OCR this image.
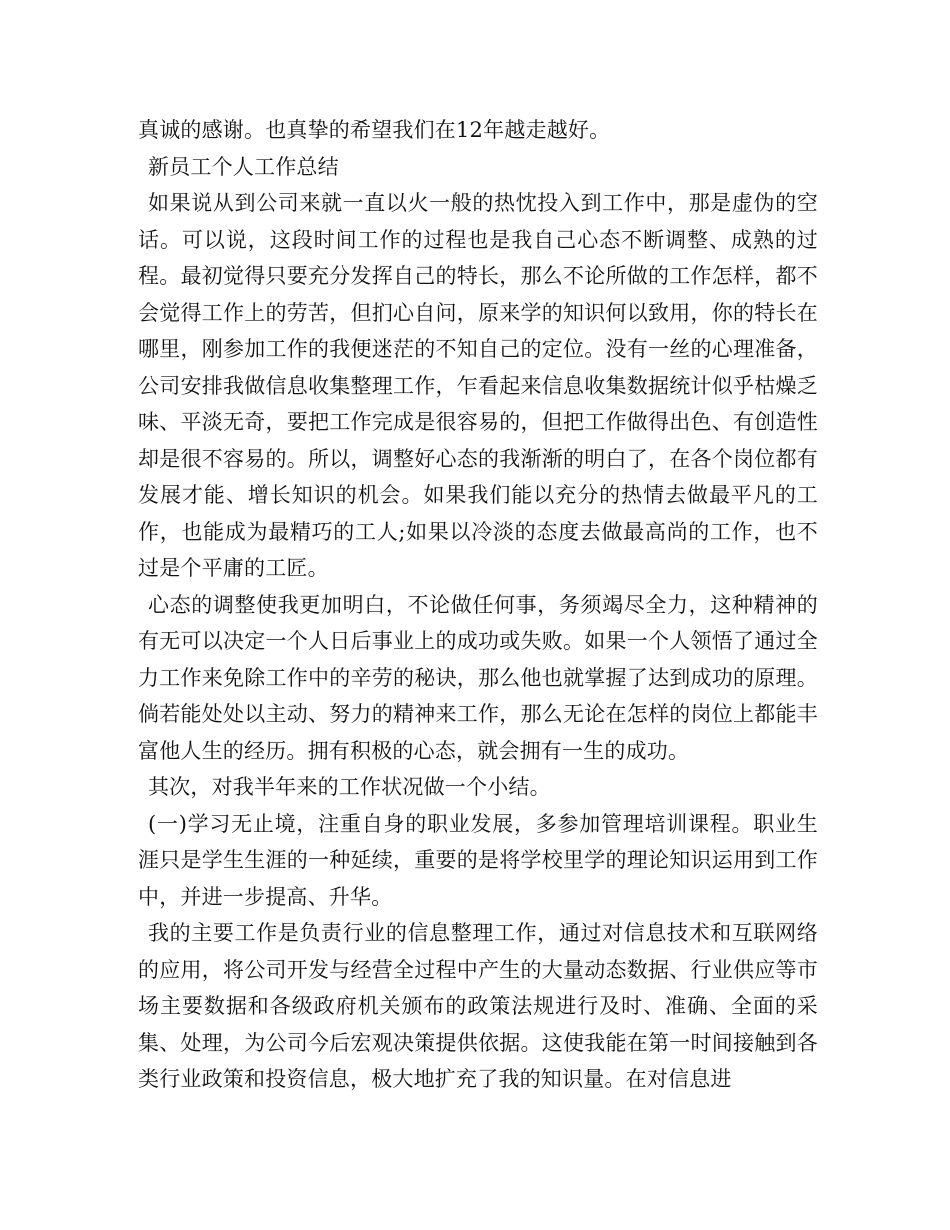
真诚的感谢。也真挚的希望我们在12年越走越好。

新员工个人工作总结

如果说从到公司来就一直以火一般的热忱投入到工作中，那是虚伪的空话。可以说，这段时间工作的过程也是我自己心态不断调整、成熟的过程。最初觉得只要充分发挥自己的特长，那么不论所做的工作怎样，都不会觉得工作上的劳苦，但扪心自问，原来学的知识何以致用，你的特长在哪里，刚参加工作的我便迷茫的不知自己的定位。没有一丝的心理准备，公司安排我做信息收集整理工作，乍看起来信息收集数据统计似乎枯燥乏味、平淡无奇，要把工作完成是很容易的，但把工作做得出色、有创造性却是很不容易的。所以，调整好心态的我渐渐的明白了，在各个岗位都有发展才能、增长知识的机会。如果我们能以充分的热情去做最平凡的工作，也能成为最精巧的工人;如果以冷淡的态度去做最高尚的工作，也不过是个平庸的工匠。

心态的调整使我更加明白，不论做任何事，务须竭尽全力，这种精神的有无可以决定一个人日后事业上的成功或失败。如果一个人领悟了通过全力工作来免除工作中的辛劳的秘诀，那么他也就掌握了达到成功的原理。倘若能处处以主动、努力的精神来工作，那么无论在怎样的岗位上都能丰富他人生的经历。拥有积极的心态，就会拥有一生的成功。

其次，对我半年来的工作状况做一个小结。

(一)学习无止境，注重自身的职业发展，多参加管理培训课程。职业生涯只是学生生涯的一种延续，重要的是将学校里学的理论知识运用到工作中，并进一步提高、升华。

我的主要工作是负责行业的信息整理工作，通过对信息技术和互联网络的应用，将公司开发与经营全过程中产生的大量动态数据、行业供应等市场主要数据和各级政府机关颁布的政策法规进行及时、准确、全面的采集、处理，为公司今后宏观决策提供依据。这使我能在第一时间接触到各类行业政策和投资信息，极大地扩充了我的知识量。在对信息进
